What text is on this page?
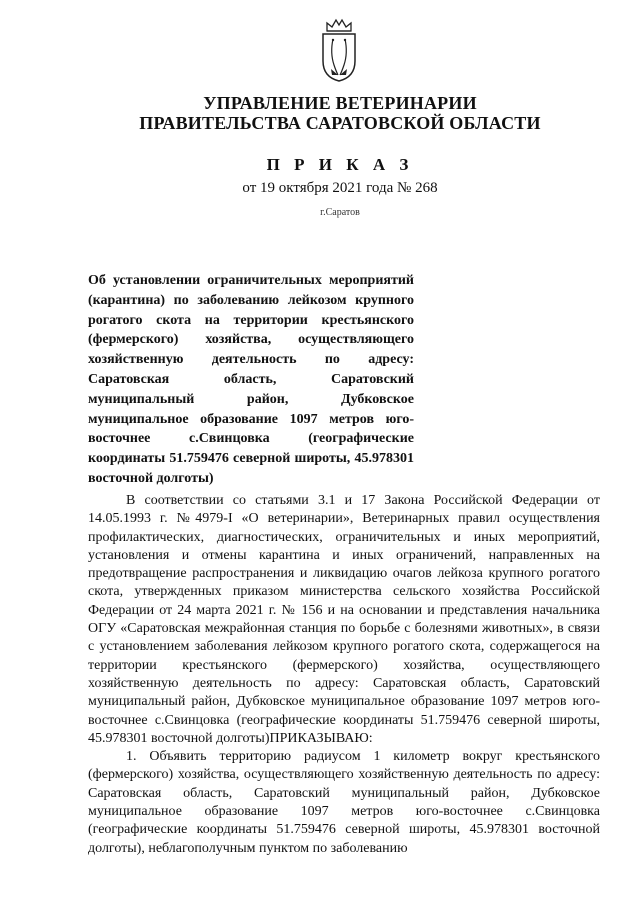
УПРАВЛЕНИЕ ВЕТЕРИНАРИИ
ПРАВИТЕЛЬСТВА САРАТОВСКОЙ ОБЛАСТИ
П Р И К А З
от 19 октября 2021 года № 268
г.Саратов
Об установлении ограничительных мероприятий (карантина) по заболеванию лейкозом крупного рогатого скота на территории крестьянского (фермерского) хозяйства, осуществляющего хозяйственную деятельность по адресу: Саратовская область, Саратовский муниципальный район, Дубковское муниципальное образование 1097 метров юго-восточнее с.Свинцовка (географические координаты 51.759476 северной широты, 45.978301 восточной долготы)

В соответствии со статьями 3.1 и 17 Закона Российской Федерации от 14.05.1993 г. №4979-I «О ветеринарии», Ветеринарных правил осуществления профилактических, диагностических, ограничительных и иных мероприятий, установления и отмены карантина и иных ограничений, направленных на предотвращение распространения и ликвидацию очагов лейкоза крупного рогатого скота, утвержденных приказом министерства сельского хозяйства Российской Федерации от 24 марта 2021 г. № 156 и на основании и представления начальника ОГУ «Саратовская межрайонная станция по борьбе с болезнями животных», в связи с установлением заболевания лейкозом крупного рогатого скота, содержащегося на территории крестьянского (фермерского) хозяйства, осуществляющего хозяйственную деятельность по адресу: Саратовская область, Саратовский муниципальный район, Дубковское муниципальное образование 1097 метров юго-восточнее с.Свинцовка (географические координаты 51.759476 северной широты, 45.978301 восточной долготы)ПРИКАЗЫВАЮ:

1. Объявить территорию радиусом 1 километр вокруг крестьянского (фермерского) хозяйства, осуществляющего хозяйственную деятельность по адресу: Саратовская область, Саратовский муниципальный район, Дубковское муниципальное образование 1097 метров юго-восточнее с.Свинцовка (географические координаты 51.759476 северной широты, 45.978301 восточной долготы), неблагополучным пунктом по заболеванию
